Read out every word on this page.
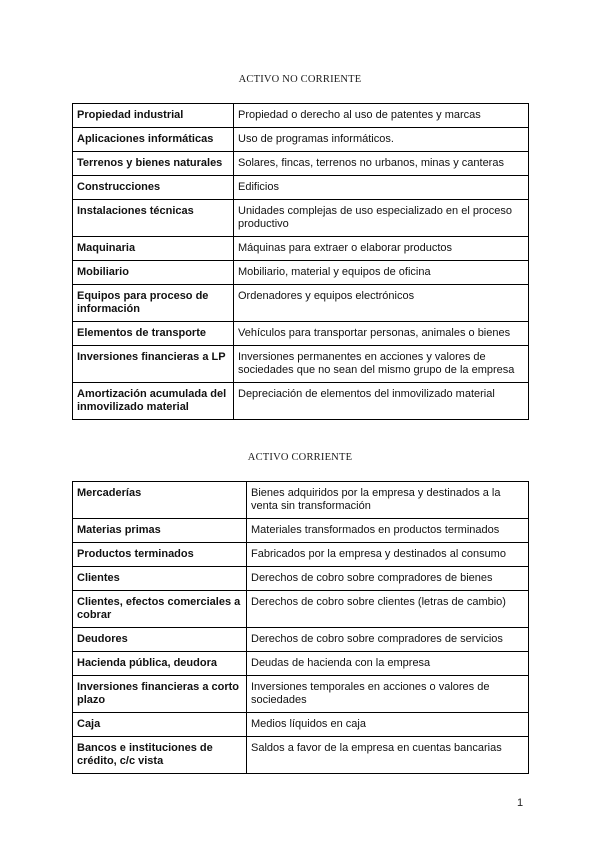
ACTIVO NO CORRIENTE
Propiedad industrial	Propiedad o derecho al uso de patentes y marcas
Aplicaciones informáticas	Uso de programas informáticos.
Terrenos y bienes naturales	Solares, fincas, terrenos no urbanos, minas y canteras
Construcciones	Edificios
Instalaciones técnicas	Unidades complejas de uso especializado en el proceso productivo
Maquinaria	Máquinas para extraer o elaborar productos
Mobiliario	Mobiliario, material y equipos de oficina
Equipos para proceso de información	Ordenadores y equipos electrónicos
Elementos de transporte	Vehículos para transportar personas, animales o bienes
Inversiones financieras a LP	Inversiones permanentes en acciones y valores de sociedades que no sean del mismo grupo de la empresa
Amortización acumulada del inmovilizado material	Depreciación de elementos del inmovilizado material
ACTIVO CORRIENTE
Mercaderías	Bienes adquiridos por la empresa y destinados a la venta sin transformación
Materias primas	Materiales transformados en productos terminados
Productos terminados	Fabricados por la empresa y destinados al consumo
Clientes	Derechos de cobro sobre compradores de bienes
Clientes, efectos comerciales a cobrar	Derechos de cobro sobre clientes (letras de cambio)
Deudores	Derechos de cobro sobre compradores de servicios
Hacienda pública, deudora	Deudas de hacienda con la empresa
Inversiones financieras a corto plazo	Inversiones temporales en acciones o valores de sociedades
Caja	Medios líquidos en caja
Bancos e instituciones de crédito, c/c vista	Saldos a favor de la empresa en cuentas bancarias
1
